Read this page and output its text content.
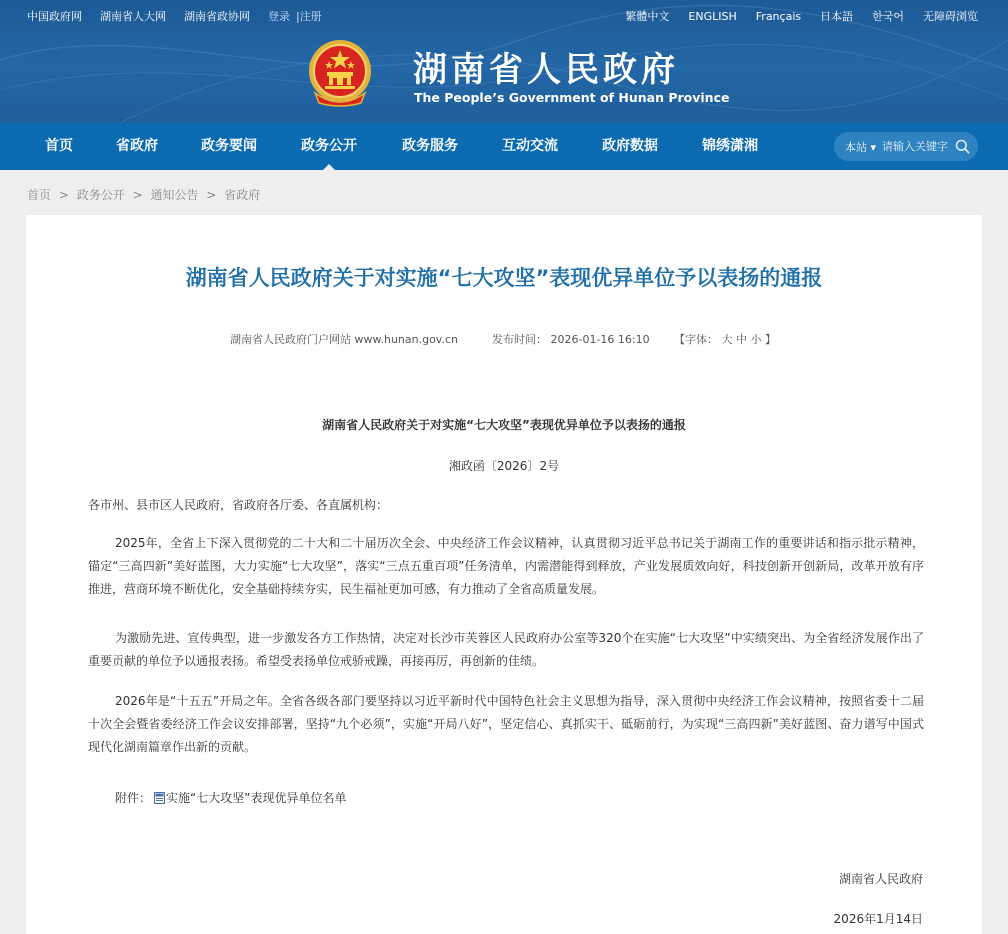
中国政府网 湖南省人大网 湖南省政协网 登录 | 注册	繁體中文 ENGLISH Français 日本語 한국어 无障碍浏览
湖南省人民政府
The People’s Government of Hunan Province
首页	省政府	政务要闻	政务公开	政务服务	互动交流	政府数据	锦绣潇湘	本站 ▾
请输入关键字
首页 > 政务公开 > 通知公告 > 省政府
湖南省人民政府关于对实施“七大攻坚”表现优异单位予以表扬的通报
湖南省人民政府门户网站 www.hunan.gov.cn	发布时间： 2026-01-16 16:10 【字体： 大 中 小 】
湖南省人民政府关于对实施“七大攻坚”表现优异单位予以表扬的通报
湘政函〔2026〕2号
各市州、县市区人民政府，省政府各厅委、各直属机构：

2025年，全省上下深入贯彻党的二十大和二十届历次全会、中央经济工作会议精神，认真贯彻习近平总书记关于湖南工作的重要讲话和指示批示精神，锚定“三高四新”美好蓝图，大力实施“七大攻坚”，落实“三点五重百项”任务清单，内需潜能得到释放，产业发展质效向好，科技创新开创新局，改革开放有序推进，营商环境不断优化，安全基础持续夯实，民生福祉更加可感，有力推动了全省高质量发展。

为激励先进、宣传典型，进一步激发各方工作热情，决定对长沙市芙蓉区人民政府办公室等320个在实施“七大攻坚”中实绩突出、为全省经济发展作出了重要贡献的单位予以通报表扬。希望受表扬单位戒骄戒躁，再接再厉，再创新的佳绩。

2026年是“十五五”开局之年。全省各级各部门要坚持以习近平新时代中国特色社会主义思想为指导，深入贯彻中央经济工作会议精神，按照省委十二届十次全会暨省委经济工作会议安排部署，坚持“九个必须”，实施“开局八好”，坚定信心、真抓实干、砥砺前行，为实现“三高四新”美好蓝图、奋力谱写中国式现代化湖南篇章作出新的贡献。

附件： 实施“七大攻坚”表现优异单位名单
湖南省人民政府
2026年1月14日
